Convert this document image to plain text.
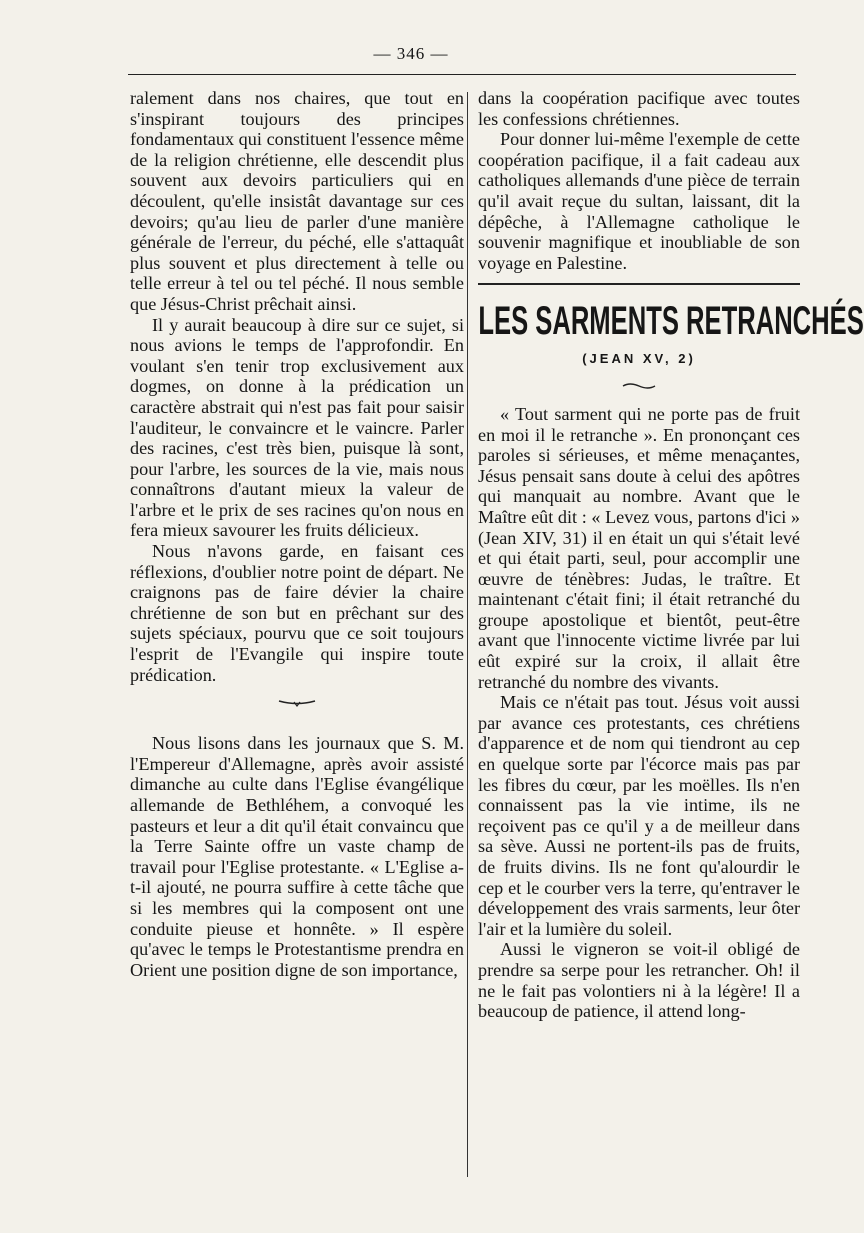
— 346 —

ralement dans nos chaires, que tout en s'inspirant toujours des principes fondamentaux qui constituent l'essence même de la religion chrétienne, elle descendit plus souvent aux devoirs particuliers qui en découlent, qu'elle insistât davantage sur ces devoirs; qu'au lieu de parler d'une manière générale de l'erreur, du péché, elle s'attaquât plus souvent et plus directement à telle ou telle erreur à tel ou tel péché. Il nous semble que Jésus-Christ prêchait ainsi.

Il y aurait beaucoup à dire sur ce sujet, si nous avions le temps de l'approfondir. En voulant s'en tenir trop exclusivement aux dogmes, on donne à la prédication un caractère abstrait qui n'est pas fait pour saisir l'auditeur, le convaincre et le vaincre. Parler des racines, c'est très bien, puisque là sont, pour l'arbre, les sources de la vie, mais nous connaîtrons d'autant mieux la valeur de l'arbre et le prix de ses racines qu'on nous en fera mieux savourer les fruits délicieux.

Nous n'avons garde, en faisant ces réflexions, d'oublier notre point de départ. Ne craignons pas de faire dévier la chaire chrétienne de son but en prêchant sur des sujets spéciaux, pourvu que ce soit toujours l'esprit de l'Evangile qui inspire toute prédication.

Nous lisons dans les journaux que S. M. l'Empereur d'Allemagne, après avoir assisté dimanche au culte dans l'Eglise évangélique allemande de Bethléhem, a convoqué les pasteurs et leur a dit qu'il était convaincu que la Terre Sainte offre un vaste champ de travail pour l'Eglise protestante. « L'Eglise a-t-il ajouté, ne pourra suffire à cette tâche que si les membres qui la composent ont une conduite pieuse et honnête. » Il espère qu'avec le temps le Protestantisme prendra en Orient une position digne de son importance,

dans la coopération pacifique avec toutes les confessions chrétiennes.

Pour donner lui-même l'exemple de cette coopération pacifique, il a fait cadeau aux catholiques allemands d'une pièce de terrain qu'il avait reçue du sultan, laissant, dit la dépêche, à l'Allemagne catholique le souvenir magnifique et inoubliable de son voyage en Palestine.

LES SARMENTS RETRANCHÉS
(JEAN XV, 2)

« Tout sarment qui ne porte pas de fruit en moi il le retranche ». En prononçant ces paroles si sérieuses, et même menaçantes, Jésus pensait sans doute à celui des apôtres qui manquait au nombre. Avant que le Maître eût dit : « Levez vous, partons d'ici » (Jean XIV, 31) il en était un qui s'était levé et qui était parti, seul, pour accomplir une œuvre de ténèbres: Judas, le traître. Et maintenant c'était fini; il était retranché du groupe apostolique et bientôt, peut-être avant que l'innocente victime livrée par lui eût expiré sur la croix, il allait être retranché du nombre des vivants.

Mais ce n'était pas tout. Jésus voit aussi par avance ces protestants, ces chrétiens d'apparence et de nom qui tiendront au cep en quelque sorte par l'écorce mais pas par les fibres du cœur, par les moëlles. Ils n'en connaissent pas la vie intime, ils ne reçoivent pas ce qu'il y a de meilleur dans sa sève. Aussi ne portent-ils pas de fruits, de fruits divins. Ils ne font qu'alourdir le cep et le courber vers la terre, qu'entraver le développement des vrais sarments, leur ôter l'air et la lumière du soleil.

Aussi le vigneron se voit-il obligé de prendre sa serpe pour les retrancher. Oh! il ne le fait pas volontiers ni à la légère! Il a beaucoup de patience, il attend long-
